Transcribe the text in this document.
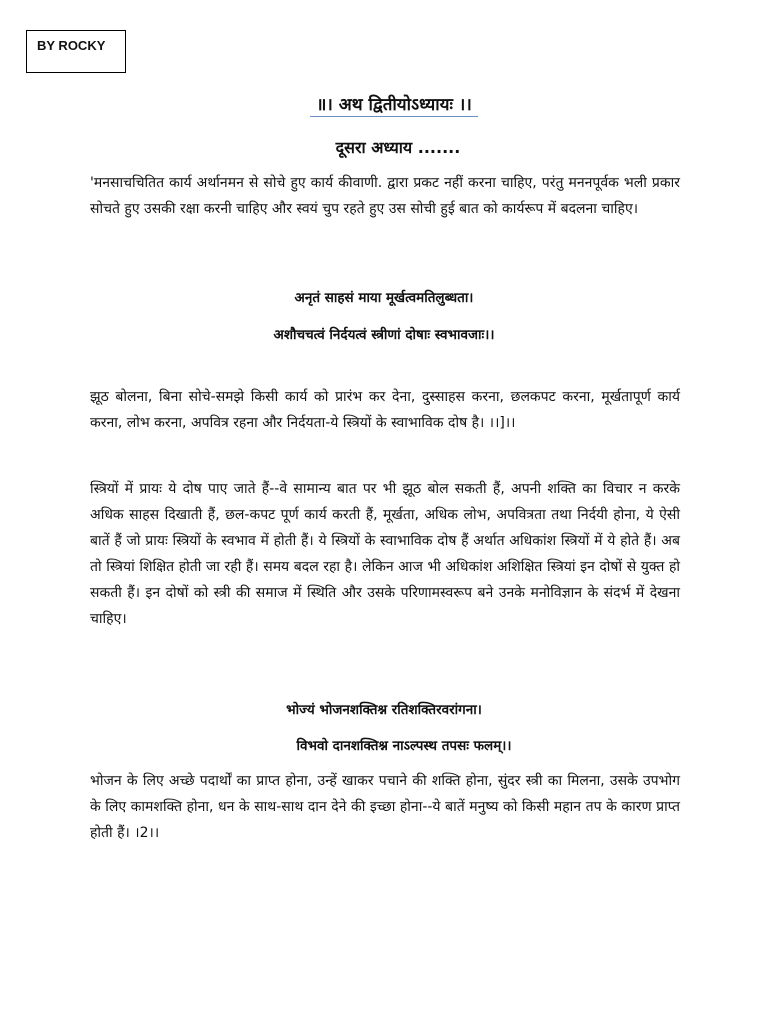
BY ROCKY
॥। अथ द्वितीयोऽध्यायः ।।
दूसरा अध्याय .......

'मनसाचचितित कार्य अर्थानमन से सोचे हुए कार्य कीवाणी. द्वारा प्रकट नहीं करना चाहिए, परंतु मननपूर्वक भली प्रकार सोचते हुए उसकी रक्षा करनी चाहिए और स्वयं चुप रहते हुए उस सोची हुई बात को कार्यरूप में बदलना चाहिए।

अनृतं साहसं माया मूर्खत्वमतिलुब्धता।

अशौचचत्वं निर्दयत्वं स्त्रीणां दोषाः स्वभावजाः।।

झूठ बोलना, बिना सोचे-समझे किसी कार्य को प्रारंभ कर देना, दुस्साहस करना, छलकपट करना, मूर्खतापूर्ण कार्य करना, लोभ करना, अपवित्र रहना और निर्दयता-ये स्त्रियों के स्वाभाविक दोष है। ।।]।।

स्त्रियों में प्रायः ये दोष पाए जाते हैं--वे सामान्य बात पर भी झूठ बोल सकती हैं, अपनी शक्ति का विचार न करके अधिक साहस दिखाती हैं, छल-कपट पूर्ण कार्य करती हैं, मूर्खता, अधिक लोभ, अपवित्रता तथा निर्दयी होना, ये ऐसी बातें हैं जो प्रायः स्त्रियों के स्वभाव में होती हैं। ये स्त्रियों के स्वाभाविक दोष हैं अर्थात अधिकांश स्त्रियों में ये होते हैं। अब तो स्त्रियां शिक्षित होती जा रही हैं। समय बदल रहा है। लेकिन आज भी अधिकांश अशिक्षित स्त्रियां इन दोषों से युक्त हो सकती हैं। इन दोषों को स्त्री की समाज में स्थिति और उसके परिणामस्वरूप बने उनके मनोविज्ञान के संदर्भ में देखना चाहिए।

भोज्यं भोजनशक्तिश्न रतिशक्तिरवरांगना।

विभवो दानशक्तिश्न नाऽल्पस्थ तपसः फलम्।।

भोजन के लिए अच्छे पदार्थों का प्राप्त होना, उन्हें खाकर पचाने की शक्ति होना, सुंदर स्त्री का मिलना, उसके उपभोग के लिए कामशक्ति होना, धन के साथ-साथ दान देने की इच्छा होना--ये बातें मनुष्य को किसी महान तप के कारण प्राप्त होती हैं। ।2।।
